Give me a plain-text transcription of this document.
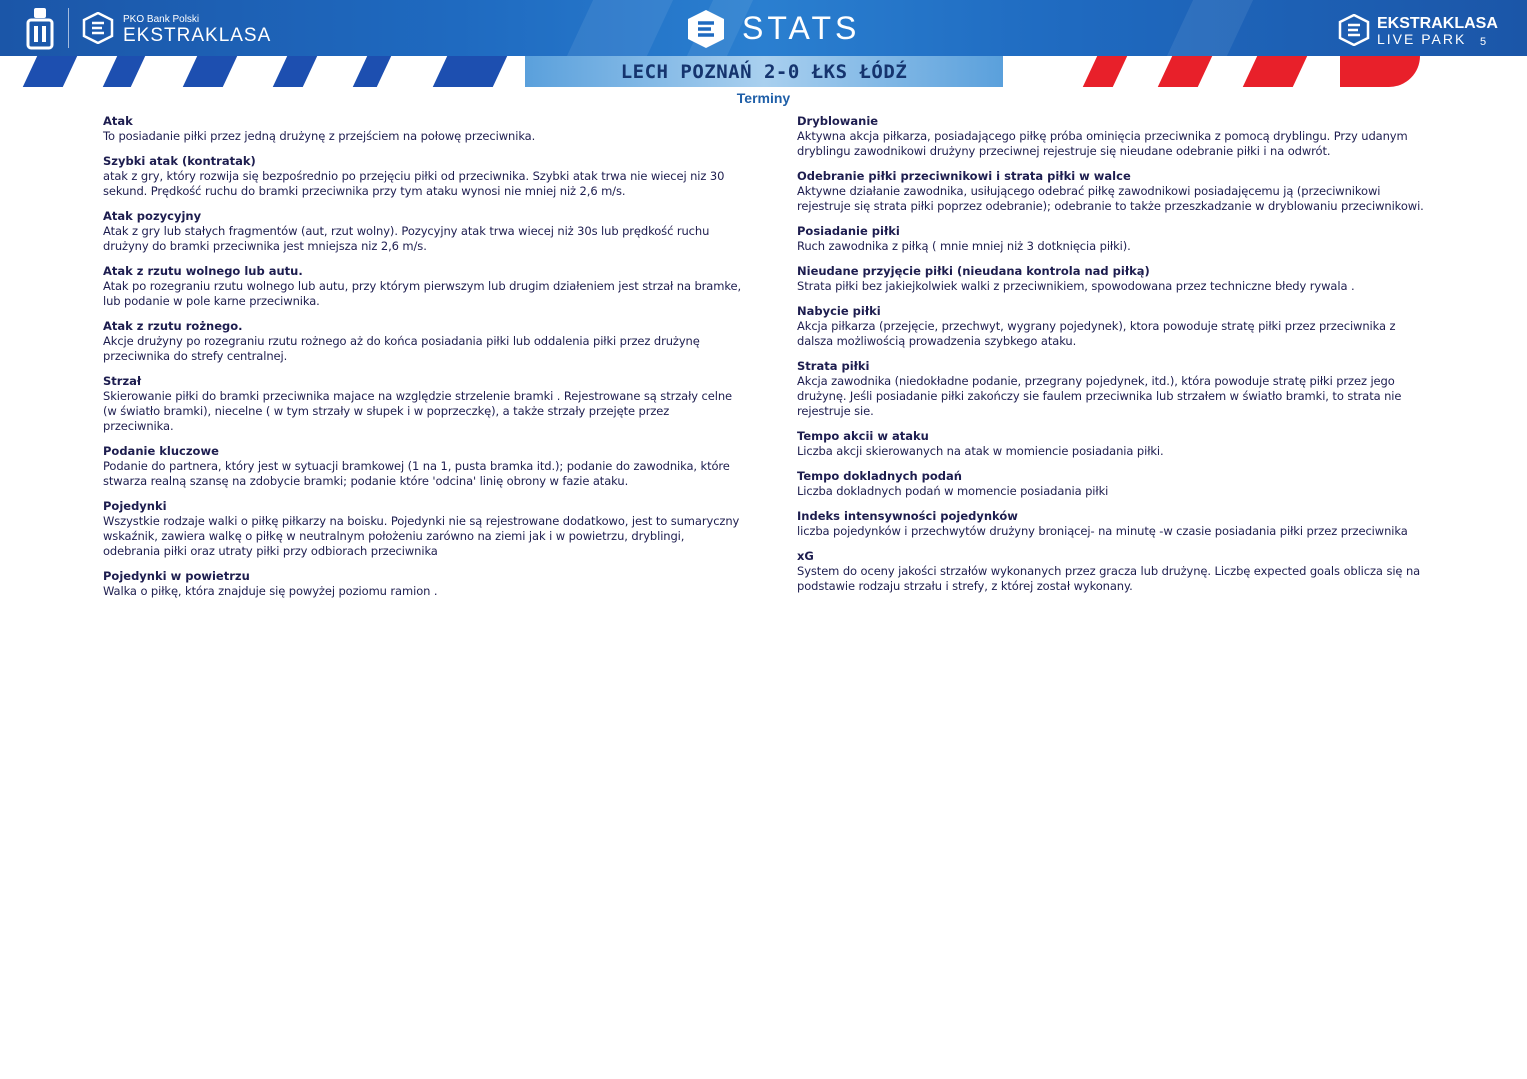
PKO Bank Polski
EKSTRAKLASA	STATS	EKSTRAKLASA
LIVE PARK 5
LECH POZNAŃ 2-0 ŁKS ŁÓDŹ
Terminy
Atak
To posiadanie piłki przez jedną drużynę z przejściem na połowę przeciwnika.
Szybki atak (kontratak)
atak z gry, który rozwija się bezpośrednio po przejęciu piłki od przeciwnika. Szybki atak trwa nie wiecej niz 30 sekund. Prędkość ruchu do bramki przeciwnika przy tym ataku wynosi nie mniej niż 2,6 m/s.
Atak pozycyjny
Atak z gry lub stałych fragmentów (aut, rzut wolny). Pozycyjny atak trwa wiecej niż 30s lub prędkość ruchu drużyny do bramki przeciwnika jest mniejsza niz 2,6 m/s.
Atak z rzutu wolnego lub autu.
Atak po rozegraniu rzutu wolnego lub autu, przy którym pierwszym lub drugim działeniem jest strzał na bramke, lub podanie w pole karne przeciwnika.
Atak z rzutu rożnego.
Akcje drużyny po rozegraniu rzutu rożnego aż do końca posiadania piłki lub oddalenia piłki przez drużynę przeciwnika do strefy centralnej.
Strzał
Skierowanie piłki do bramki przeciwnika majace na względzie strzelenie bramki . Rejestrowane są strzały celne (w światło bramki), niecelne ( w tym strzały w słupek i w poprzeczkę), a także strzały przejęte przez przeciwnika.
Podanie kluczowe
Podanie do partnera, który jest w sytuacji bramkowej (1 na 1, pusta bramka itd.); podanie do zawodnika, które stwarza realną szansę na zdobycie bramki; podanie które 'odcina' linię obrony w fazie ataku.
Pojedynki
Wszystkie rodzaje walki o piłkę piłkarzy na boisku. Pojedynki nie są rejestrowane dodatkowo, jest to sumaryczny wskaźnik, zawiera walkę o piłkę w neutralnym położeniu zarówno na ziemi jak i w powietrzu, dryblingi, odebrania piłki oraz utraty piłki przy odbiorach przeciwnika
Pojedynki w powietrzu
Walka o piłkę, która znajduje się powyżej poziomu ramion .
Dryblowanie
Aktywna akcja piłkarza, posiadającego piłkę próba ominięcia przeciwnika z pomocą dryblingu. Przy udanym dryblingu zawodnikowi drużyny przeciwnej rejestruje się nieudane odebranie piłki i na odwrót.
Odebranie piłki przeciwnikowi i strata piłki w walce
Aktywne działanie zawodnika, usiłującego odebrać piłkę zawodnikowi posiadajęcemu ją (przeciwnikowi rejestruje się strata piłki poprzez odebranie); odebranie to także przeszkadzanie w dryblowaniu przeciwnikowi.
Posiadanie piłki
Ruch zawodnika z piłką ( mnie mniej niż 3 dotknięcia piłki).
Nieudane przyjęcie piłki (nieudana kontrola nad piłką)
Strata piłki bez jakiejkolwiek walki z przeciwnikiem, spowodowana przez techniczne błedy rywala .
Nabycie piłki
Akcja piłkarza (przejęcie, przechwyt, wygrany pojedynek), ktora powoduje stratę piłki przez przeciwnika z dalsza możliwością prowadzenia szybkego ataku.
Strata piłki
Akcja zawodnika (niedokładne podanie, przegrany pojedynek, itd.), która powoduje stratę piłki przez jego drużynę. Jeśli posiadanie piłki zakończy sie faulem przeciwnika lub strzałem w światło bramki, to strata nie rejestruje sie.
Tempo akcii w ataku
Liczba akcji skierowanych na atak w momiencie posiadania piłki.
Tempo dokladnych podań
Liczba dokladnych podań w momencie posiadania piłki
Indeks intensywności pojedynków
liczba pojedynków i przechwytów drużyny broniącej- na minutę -w czasie posiadania piłki przez przeciwnika
xG
System do oceny jakości strzałów wykonanych przez gracza lub drużynę. Liczbę expected goals oblicza się na podstawie rodzaju strzału i strefy, z której został wykonany.
